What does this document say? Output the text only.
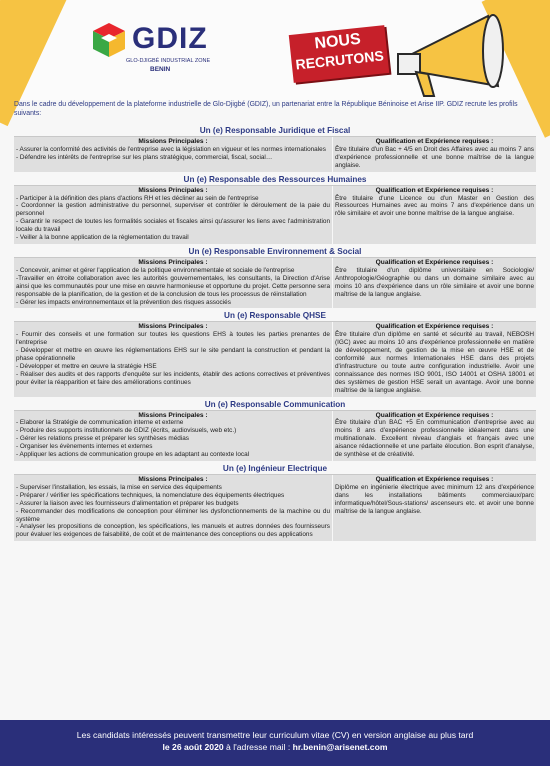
GDIZ
GLO-DJIGBÉ INDUSTRIAL ZONE
BENIN
NOUS
RECRUTONS
Dans le cadre du développement de la plateforme industrielle de Glo-Djigbé (GDIZ), un partenariat entre la République Béninoise et Arise IIP. GDIZ recrute les profils suivants:
Un (e) Responsable Juridique et Fiscal
Missions Principales :
- Assurer la conformité des activités de l'entreprise avec la législation en vigueur et les normes internationales
- Défendre les intérêts de l'entreprise sur les plans stratégique, commercial, fiscal, social…
Qualification et Expérience requises :
Être titulaire d'un Bac + 4/5 en Droit des Affaires avec au moins 7 ans d'expérience professionnelle et une bonne maîtrise de la langue anglaise.
Un (e) Responsable des Ressources Humaines
Missions Principales :
- Participer à la définition des plans d'actions RH et les décliner au sein de l'entreprise
- Coordonner la gestion administrative du personnel, superviser et contrôler le déroulement de la paie du personnel
- Garantir le respect de toutes les formalités sociales et fiscales ainsi qu'assurer les liens avec l'administration locale du travail
- Veiller à la bonne application de la réglementation du travail
Qualification et Expérience requises :
Être titulaire d'une Licence ou d'un Master en Gestion des Ressources Humaines avec au moins 7 ans d'expérience dans un rôle similaire et avoir une bonne maîtrise de la langue anglaise.
Un (e) Responsable Environnement & Social
Missions Principales :
- Concevoir, animer et gérer l'application de la politique environnementale et sociale de l'entreprise
-Travailler en étroite collaboration avec les autorités gouvernementales, les consultants, la Direction d'Arise ainsi que les communautés pour une mise en œuvre harmonieuse et opportune du projet. Cette personne sera responsable de la planification, de la gestion et de la conclusion de tous les processus de réinstallation
- Gérer les impacts environnementaux et la prévention des risques associés
Qualification et Expérience requises :
Être titulaire d'un diplôme universitaire en Sociologie/ Anthropologie/Géographie ou dans un domaine similaire avec au moins 10 ans d'expérience dans un rôle similaire et avoir une bonne maîtrise de la langue anglaise.
Un (e) Responsable QHSE
Missions Principales :
- Fournir des conseils et une formation sur toutes les questions EHS à toutes les parties prenantes de l'entreprise
- Développer et mettre en œuvre les réglementations EHS sur le site pendant la construction et pendant la phase opérationnelle
- Développer et mettre en œuvre la stratégie HSE
- Réaliser des audits et des rapports d'enquête sur les incidents, établir des actions correctives et préventives pour éviter la réapparition et faire des améliorations continues
Qualification et Expérience requises :
Être titulaire d'un diplôme en santé et sécurité au travail, NEBOSH (IGC) avec au moins 10 ans d'expérience professionnelle en matière de développement, de gestion de la mise en œuvre HSE et de conformité aux normes Internationales HSE dans des projets d'infrastructure ou toute autre configuration industrielle. Avoir une connaissance des normes ISO 9001, ISO 14001 et OSHA 18001 et des systèmes de gestion HSE serait un avantage. Avoir une bonne maîtrise de la langue anglaise.
Un (e) Responsable Communication
Missions Principales :
- Elaborer la Stratégie de communication interne et externe
- Produire des supports institutionnels de GDIZ (écrits, audiovisuels, web etc.)
- Gérer les relations presse et préparer les synthèses médias
- Organiser les évènements internes et externes
- Appliquer les actions de communication groupe en les adaptant au contexte local
Qualification et Expérience requises :
Être titulaire d'un BAC +5 En communication d'entreprise avec au moins 8 ans d'expérience professionnelle idéalement dans une multinationale. Excellent niveau d'anglais et français avec une aisance rédactionnelle et une parfaite élocution. Bon esprit d'analyse, de synthèse et de créativité.
Un (e) Ingénieur Electrique
Missions Principales :
- Superviser l'installation, les essais, la mise en service des équipements
- Préparer / vérifier les spécifications techniques, la nomenclature des équipements électriques
- Assurer la liaison avec les fournisseurs d'alimentation et préparer les budgets
- Recommander des modifications de conception pour éliminer les dysfonctionnements de la machine ou du système
- Analyser les propositions de conception, les spécifications, les manuels et autres données des fournisseurs pour évaluer les exigences de faisabilité, de coût et de maintenance des conceptions ou des applications
Qualification et Expérience requises :
Diplôme en ingénierie électrique avec minimum 12 ans d'expérience dans les installations bâtiments commerciaux/parc informatique/hôtel/Sous-stations/ ascenseurs etc. et avoir une bonne maîtrise de la langue anglaise.
Les candidats intéressés peuvent transmettre leur curriculum vitae (CV) en version anglaise au plus tard
le 26 août 2020 à l'adresse mail : hr.benin@arisenet.com
